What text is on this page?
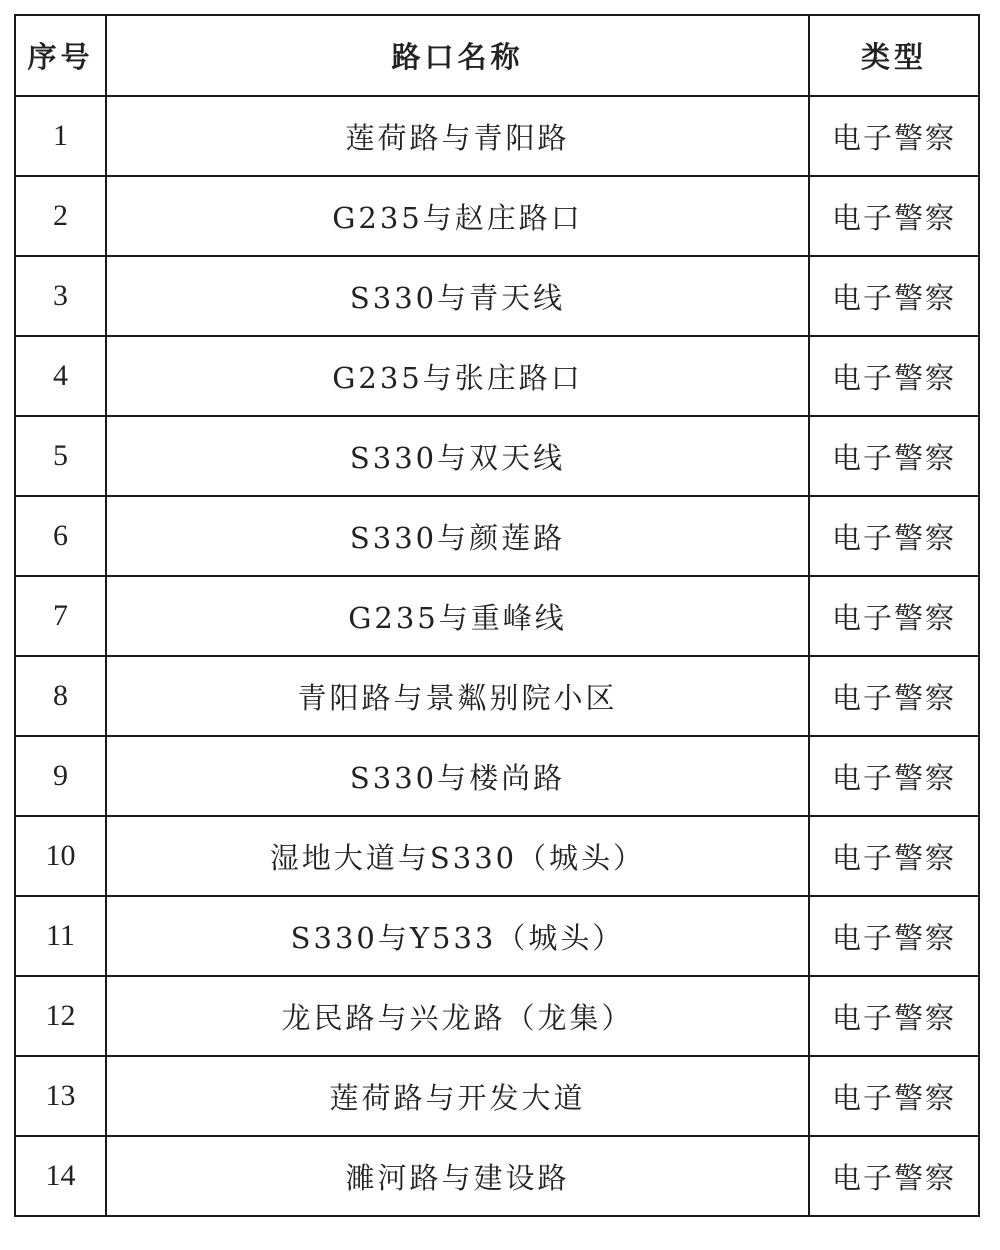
序号	路口名称	类型
1	莲荷路与青阳路	电子警察
2	G235与赵庄路口	电子警察
3	S330与青天线	电子警察
4	G235与张庄路口	电子警察
5	S330与双天线	电子警察
6	S330与颜莲路	电子警察
7	G235与重峰线	电子警察
8	青阳路与景粼别院小区	电子警察
9	S330与楼尚路	电子警察
10	湿地大道与S330（城头）	电子警察
11	S330与Y533（城头）	电子警察
12	龙民路与兴龙路（龙集）	电子警察
13	莲荷路与开发大道	电子警察
14	濉河路与建设路	电子警察
